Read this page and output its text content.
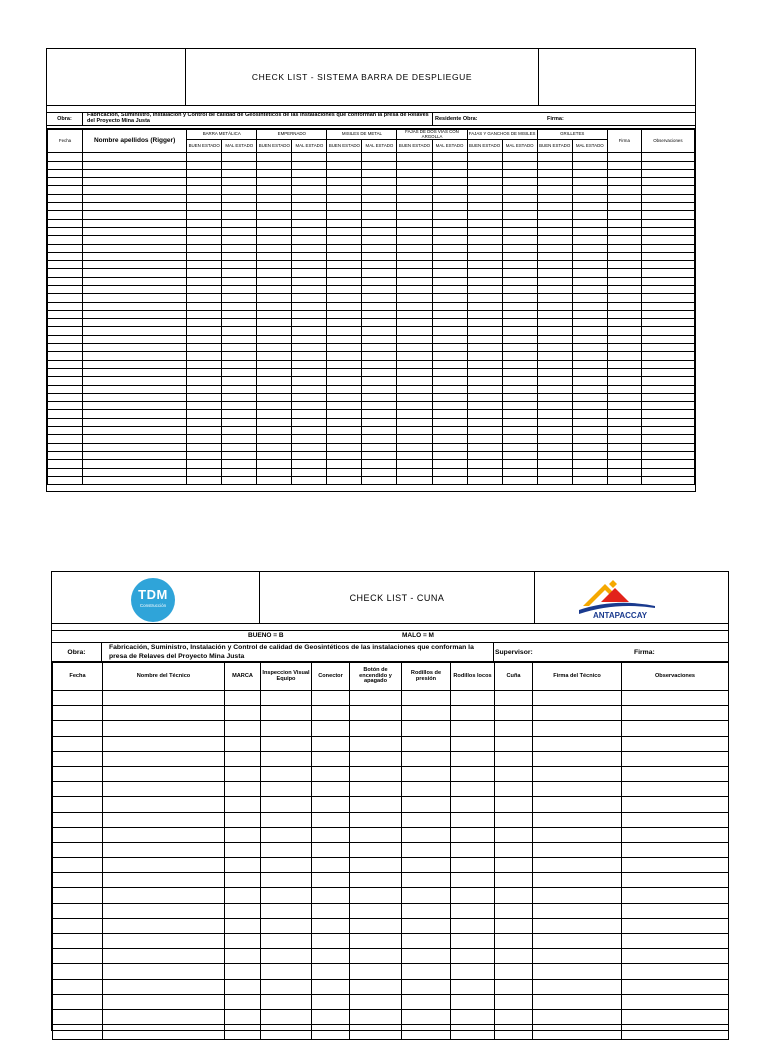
CHECK LIST - SISTEMA BARRA DE DESPLIEGUE
Obra:
Fabricación, Suministro, Instalación y Control de calidad de Geosintéticos de las instalaciones que conforman la presa de Relaves del Proyecto Mina Justa	Residente Obra:	Firma:
Fecha	Nombre apellidos (Rigger)	BARRA METÁLICA		EMPERNADO		MISILES DE METAL		FAJAS DE DOS VIAS CON ARGOLLA		FAJAS Y GANCHOS DE MISILES		GRILLETES		Firma	Observaciones
		BUEN ESTADO	MAL ESTADO	BUEN ESTADO	MAL ESTADO	BUEN ESTADO	MAL ESTADO	BUEN ESTADO	MAL ESTADO	BUEN ESTADO	MAL ESTADO	BUEN ESTADO	MAL ESTADO		

TDM
Construcción
CHECK LIST - CUNA
ANTAPACCAY
BUENO = B	MALO = M
Obra:
Fabricación, Suministro, Instalación y Control de calidad de Geosintéticos de las instalaciones que conforman la presa de Relaves del Proyecto Mina Justa
Supervisor:	Firma:
Fecha	Nombre del Técnico	MARCA	Inspeccion Visual Equipo	Conector	Botón de encendido y apagado	Rodillos de presión	Rodillos locos	Cuña	Firma del Técnico	Observaciones
